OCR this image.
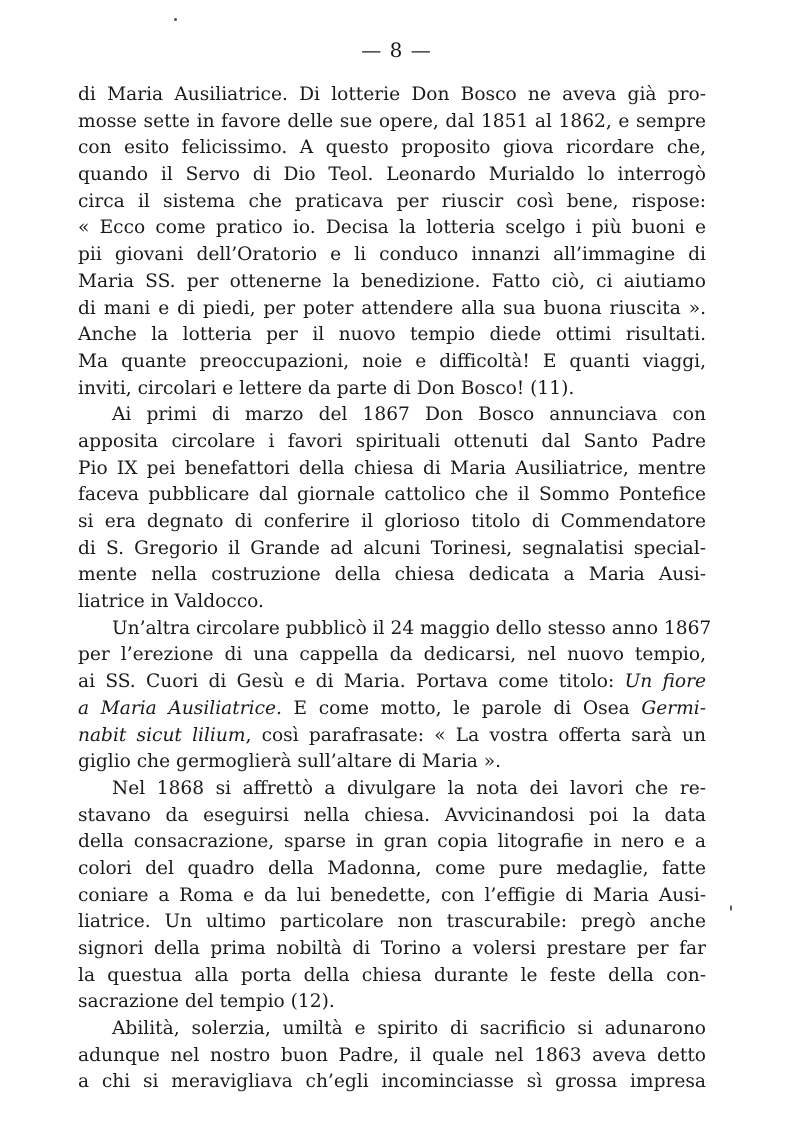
— 8 —
di Maria Ausiliatrice. Di lotterie Don Bosco ne aveva già pro-
mosse sette in favore delle sue opere, dal 1851 al 1862, e sempre
con esito felicissimo. A questo proposito giova ricordare che,
quando il Servo di Dio Teol. Leonardo Murialdo lo interrogò
circa il sistema che praticava per riuscir così bene, rispose:
« Ecco come pratico io. Decisa la lotteria scelgo i più buoni e
pii giovani dell’Oratorio e li conduco innanzi all’immagine di
Maria SS. per ottenerne la benedizione. Fatto ciò, ci aiutiamo
di mani e di piedi, per poter attendere alla sua buona riuscita ».
Anche la lotteria per il nuovo tempio diede ottimi risultati.
Ma quante preoccupazioni, noie e difficoltà! E quanti viaggi,
inviti, circolari e lettere da parte di Don Bosco! (11).
Ai primi di marzo del 1867 Don Bosco annunciava con
apposita circolare i favori spirituali ottenuti dal Santo Padre
Pio IX pei benefattori della chiesa di Maria Ausiliatrice, mentre
faceva pubblicare dal giornale cattolico che il Sommo Pontefice
si era degnato di conferire il glorioso titolo di Commendatore
di S. Gregorio il Grande ad alcuni Torinesi, segnalatisi special-
mente nella costruzione della chiesa dedicata a Maria Ausi-
liatrice in Valdocco.
Un’altra circolare pubblicò il 24 maggio dello stesso anno 1867
per l’erezione di una cappella da dedicarsi, nel nuovo tempio,
ai SS. Cuori di Gesù e di Maria. Portava come titolo: Un fiore
a Maria Ausiliatrice. E come motto, le parole di Osea Germi-
nabit sicut lilium, così parafrasate: « La vostra offerta sarà un
giglio che germoglierà sull’altare di Maria ».
Nel 1868 si affrettò a divulgare la nota dei lavori che re-
stavano da eseguirsi nella chiesa. Avvicinandosi poi la data
della consacrazione, sparse in gran copia litografie in nero e a
colori del quadro della Madonna, come pure medaglie, fatte
coniare a Roma e da lui benedette, con l’effigie di Maria Ausi-
liatrice. Un ultimo particolare non trascurabile: pregò anche
signori della prima nobiltà di Torino a volersi prestare per far
la questua alla porta della chiesa durante le feste della con-
sacrazione del tempio (12).
Abilità, solerzia, umiltà e spirito di sacrificio si adunarono
adunque nel nostro buon Padre, il quale nel 1863 aveva detto
a chi si meravigliava ch’egli incominciasse sì grossa impresa
